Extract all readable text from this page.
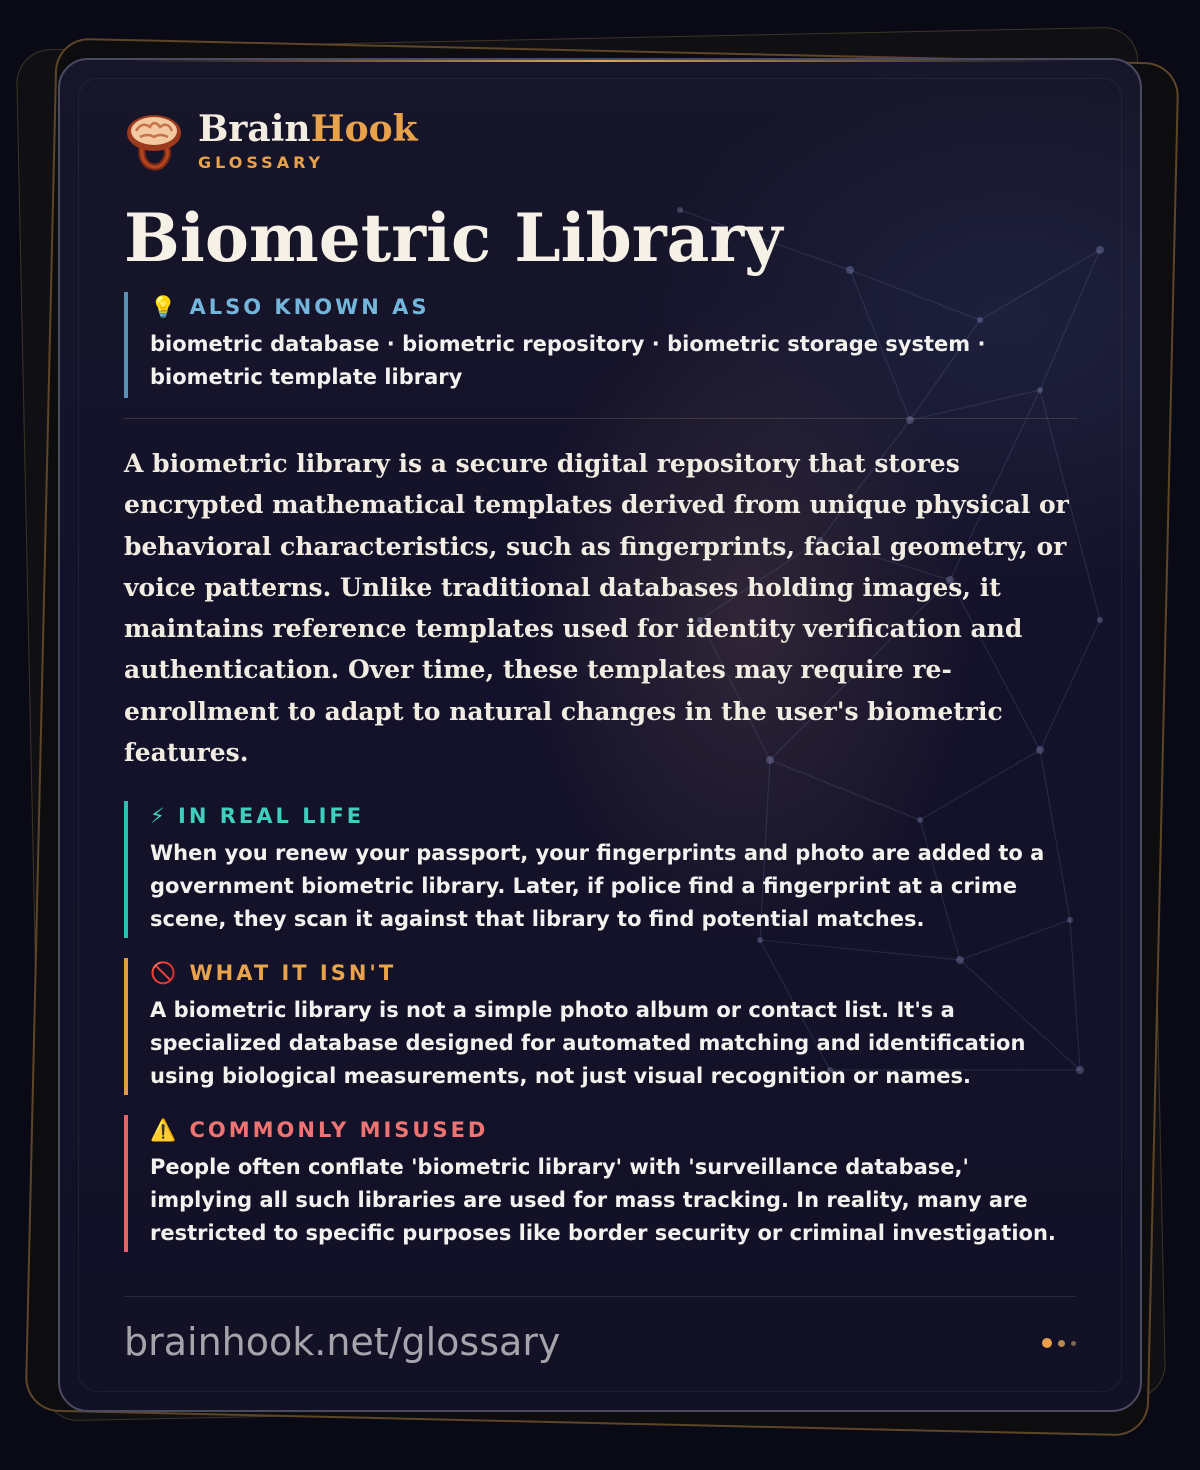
BrainHook
GLOSSARY
Biometric Library
💡 ALSO KNOWN AS
biometric database · biometric repository · biometric storage system · biometric template library
A biometric library is a secure digital repository that stores encrypted mathematical templates derived from unique physical or behavioral characteristics, such as fingerprints, facial geometry, or voice patterns. Unlike traditional databases holding images, it maintains reference templates used for identity verification and authentication. Over time, these templates may require re-enrollment to adapt to natural changes in the user's biometric features.
⚡ IN REAL LIFE
When you renew your passport, your fingerprints and photo are added to a government biometric library. Later, if police find a fingerprint at a crime scene, they scan it against that library to find potential matches.
🚫 WHAT IT ISN'T
A biometric library is not a simple photo album or contact list. It's a specialized database designed for automated matching and identification using biological measurements, not just visual recognition or names.
⚠️ COMMONLY MISUSED
People often conflate 'biometric library' with 'surveillance database,' implying all such libraries are used for mass tracking. In reality, many are restricted to specific purposes like border security or criminal investigation.
brainhook.net/glossary
